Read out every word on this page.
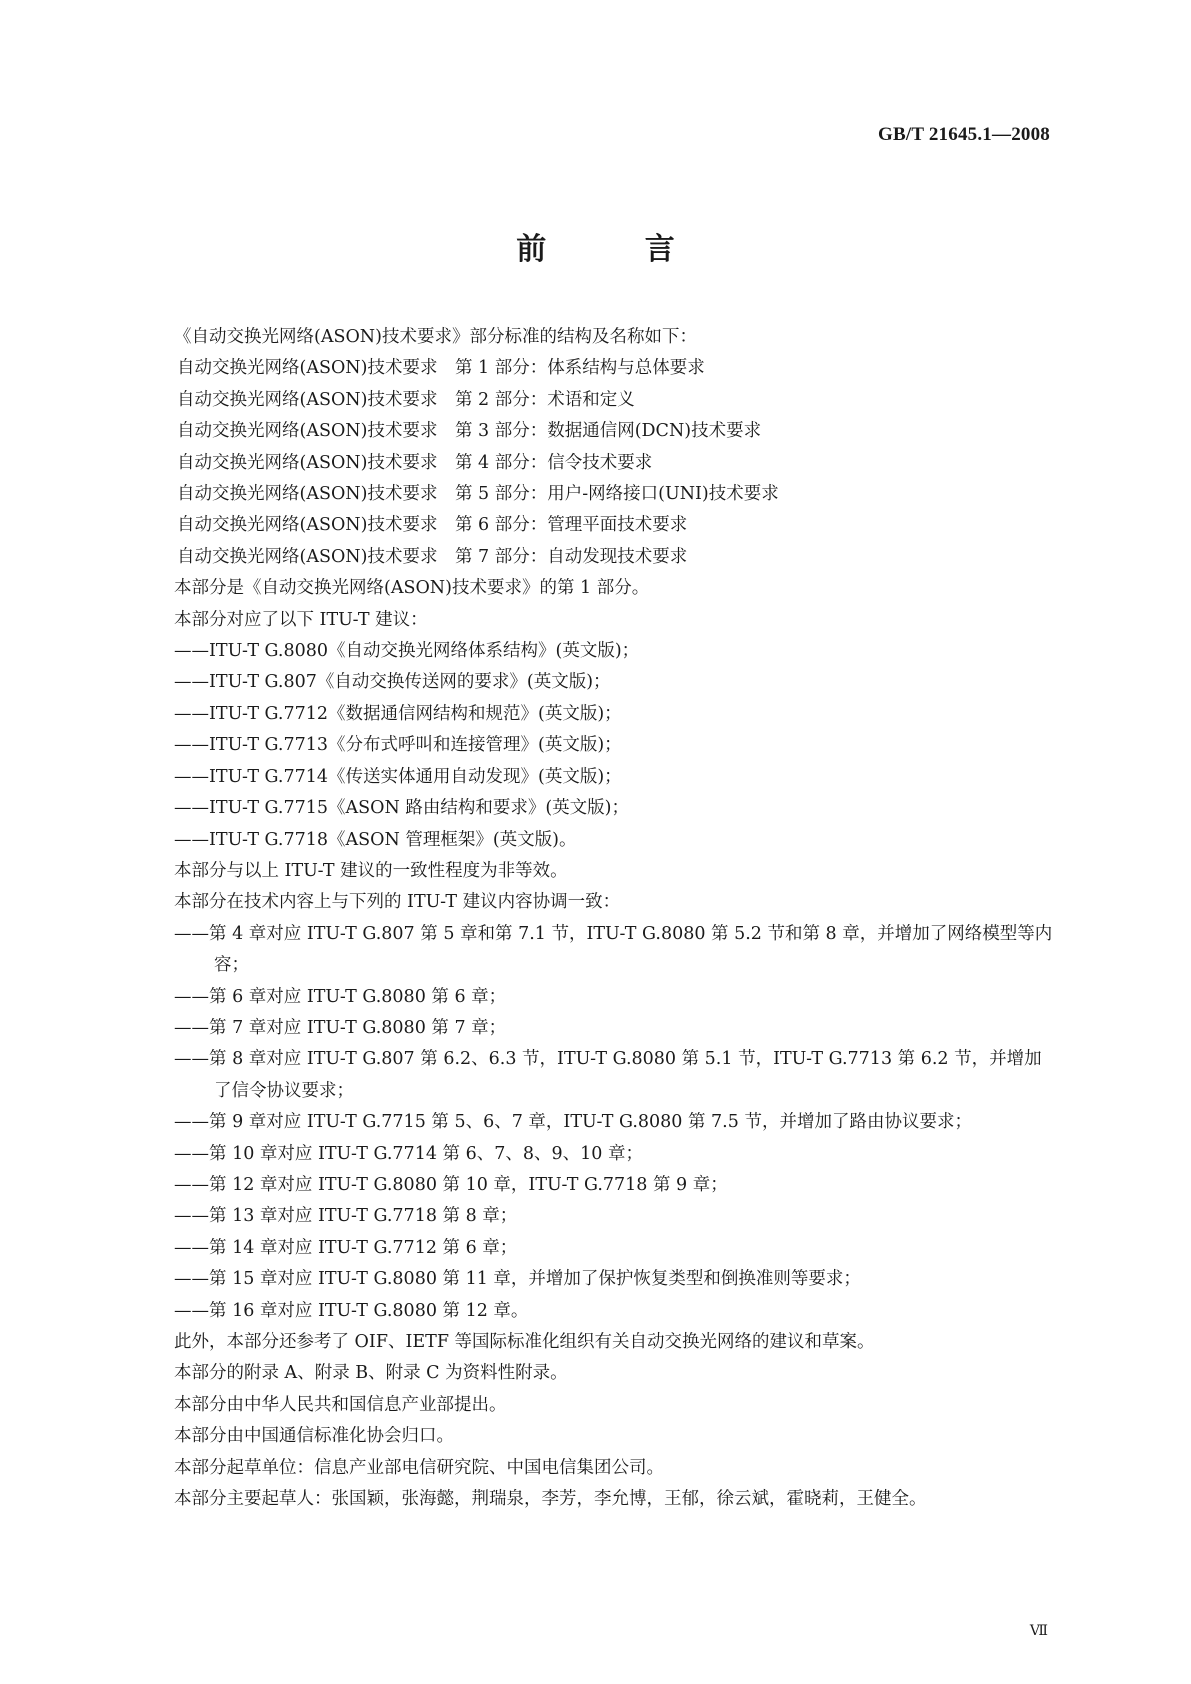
GB/T 21645.1—2008
前 言

《自动交换光网络(ASON)技术要求》部分标准的结构及名称如下：

自动交换光网络(ASON)技术要求　第 1 部分：体系结构与总体要求

自动交换光网络(ASON)技术要求　第 2 部分：术语和定义

自动交换光网络(ASON)技术要求　第 3 部分：数据通信网(DCN)技术要求

自动交换光网络(ASON)技术要求　第 4 部分：信令技术要求

自动交换光网络(ASON)技术要求　第 5 部分：用户-网络接口(UNI)技术要求

自动交换光网络(ASON)技术要求　第 6 部分：管理平面技术要求

自动交换光网络(ASON)技术要求　第 7 部分：自动发现技术要求

本部分是《自动交换光网络(ASON)技术要求》的第 1 部分。

本部分对应了以下 ITU-T 建议：

——ITU-T G.8080《自动交换光网络体系结构》(英文版)；

——ITU-T G.807《自动交换传送网的要求》(英文版)；

——ITU-T G.7712《数据通信网结构和规范》(英文版)；

——ITU-T G.7713《分布式呼叫和连接管理》(英文版)；

——ITU-T G.7714《传送实体通用自动发现》(英文版)；

——ITU-T G.7715《ASON 路由结构和要求》(英文版)；

——ITU-T G.7718《ASON 管理框架》(英文版)。

本部分与以上 ITU-T 建议的一致性程度为非等效。

本部分在技术内容上与下列的 ITU-T 建议内容协调一致：

——第 4 章对应 ITU-T G.807 第 5 章和第 7.1 节，ITU-T G.8080 第 5.2 节和第 8 章，并增加了网络模型等内容；

——第 6 章对应 ITU-T G.8080 第 6 章；

——第 7 章对应 ITU-T G.8080 第 7 章；

——第 8 章对应 ITU-T G.807 第 6.2、6.3 节，ITU-T G.8080 第 5.1 节，ITU-T G.7713 第 6.2 节，并增加了信令协议要求；

——第 9 章对应 ITU-T G.7715 第 5、6、7 章，ITU-T G.8080 第 7.5 节，并增加了路由协议要求；

——第 10 章对应 ITU-T G.7714 第 6、7、8、9、10 章；

——第 12 章对应 ITU-T G.8080 第 10 章，ITU-T G.7718 第 9 章；

——第 13 章对应 ITU-T G.7718 第 8 章；

——第 14 章对应 ITU-T G.7712 第 6 章；

——第 15 章对应 ITU-T G.8080 第 11 章，并增加了保护恢复类型和倒换准则等要求；

——第 16 章对应 ITU-T G.8080 第 12 章。

此外，本部分还参考了 OIF、IETF 等国际标准化组织有关自动交换光网络的建议和草案。

本部分的附录 A、附录 B、附录 C 为资料性附录。

本部分由中华人民共和国信息产业部提出。

本部分由中国通信标准化协会归口。

本部分起草单位：信息产业部电信研究院、中国电信集团公司。

本部分主要起草人：张国颖，张海懿，荆瑞泉，李芳，李允博，王郁，徐云斌，霍晓莉，王健全。

Ⅶ
